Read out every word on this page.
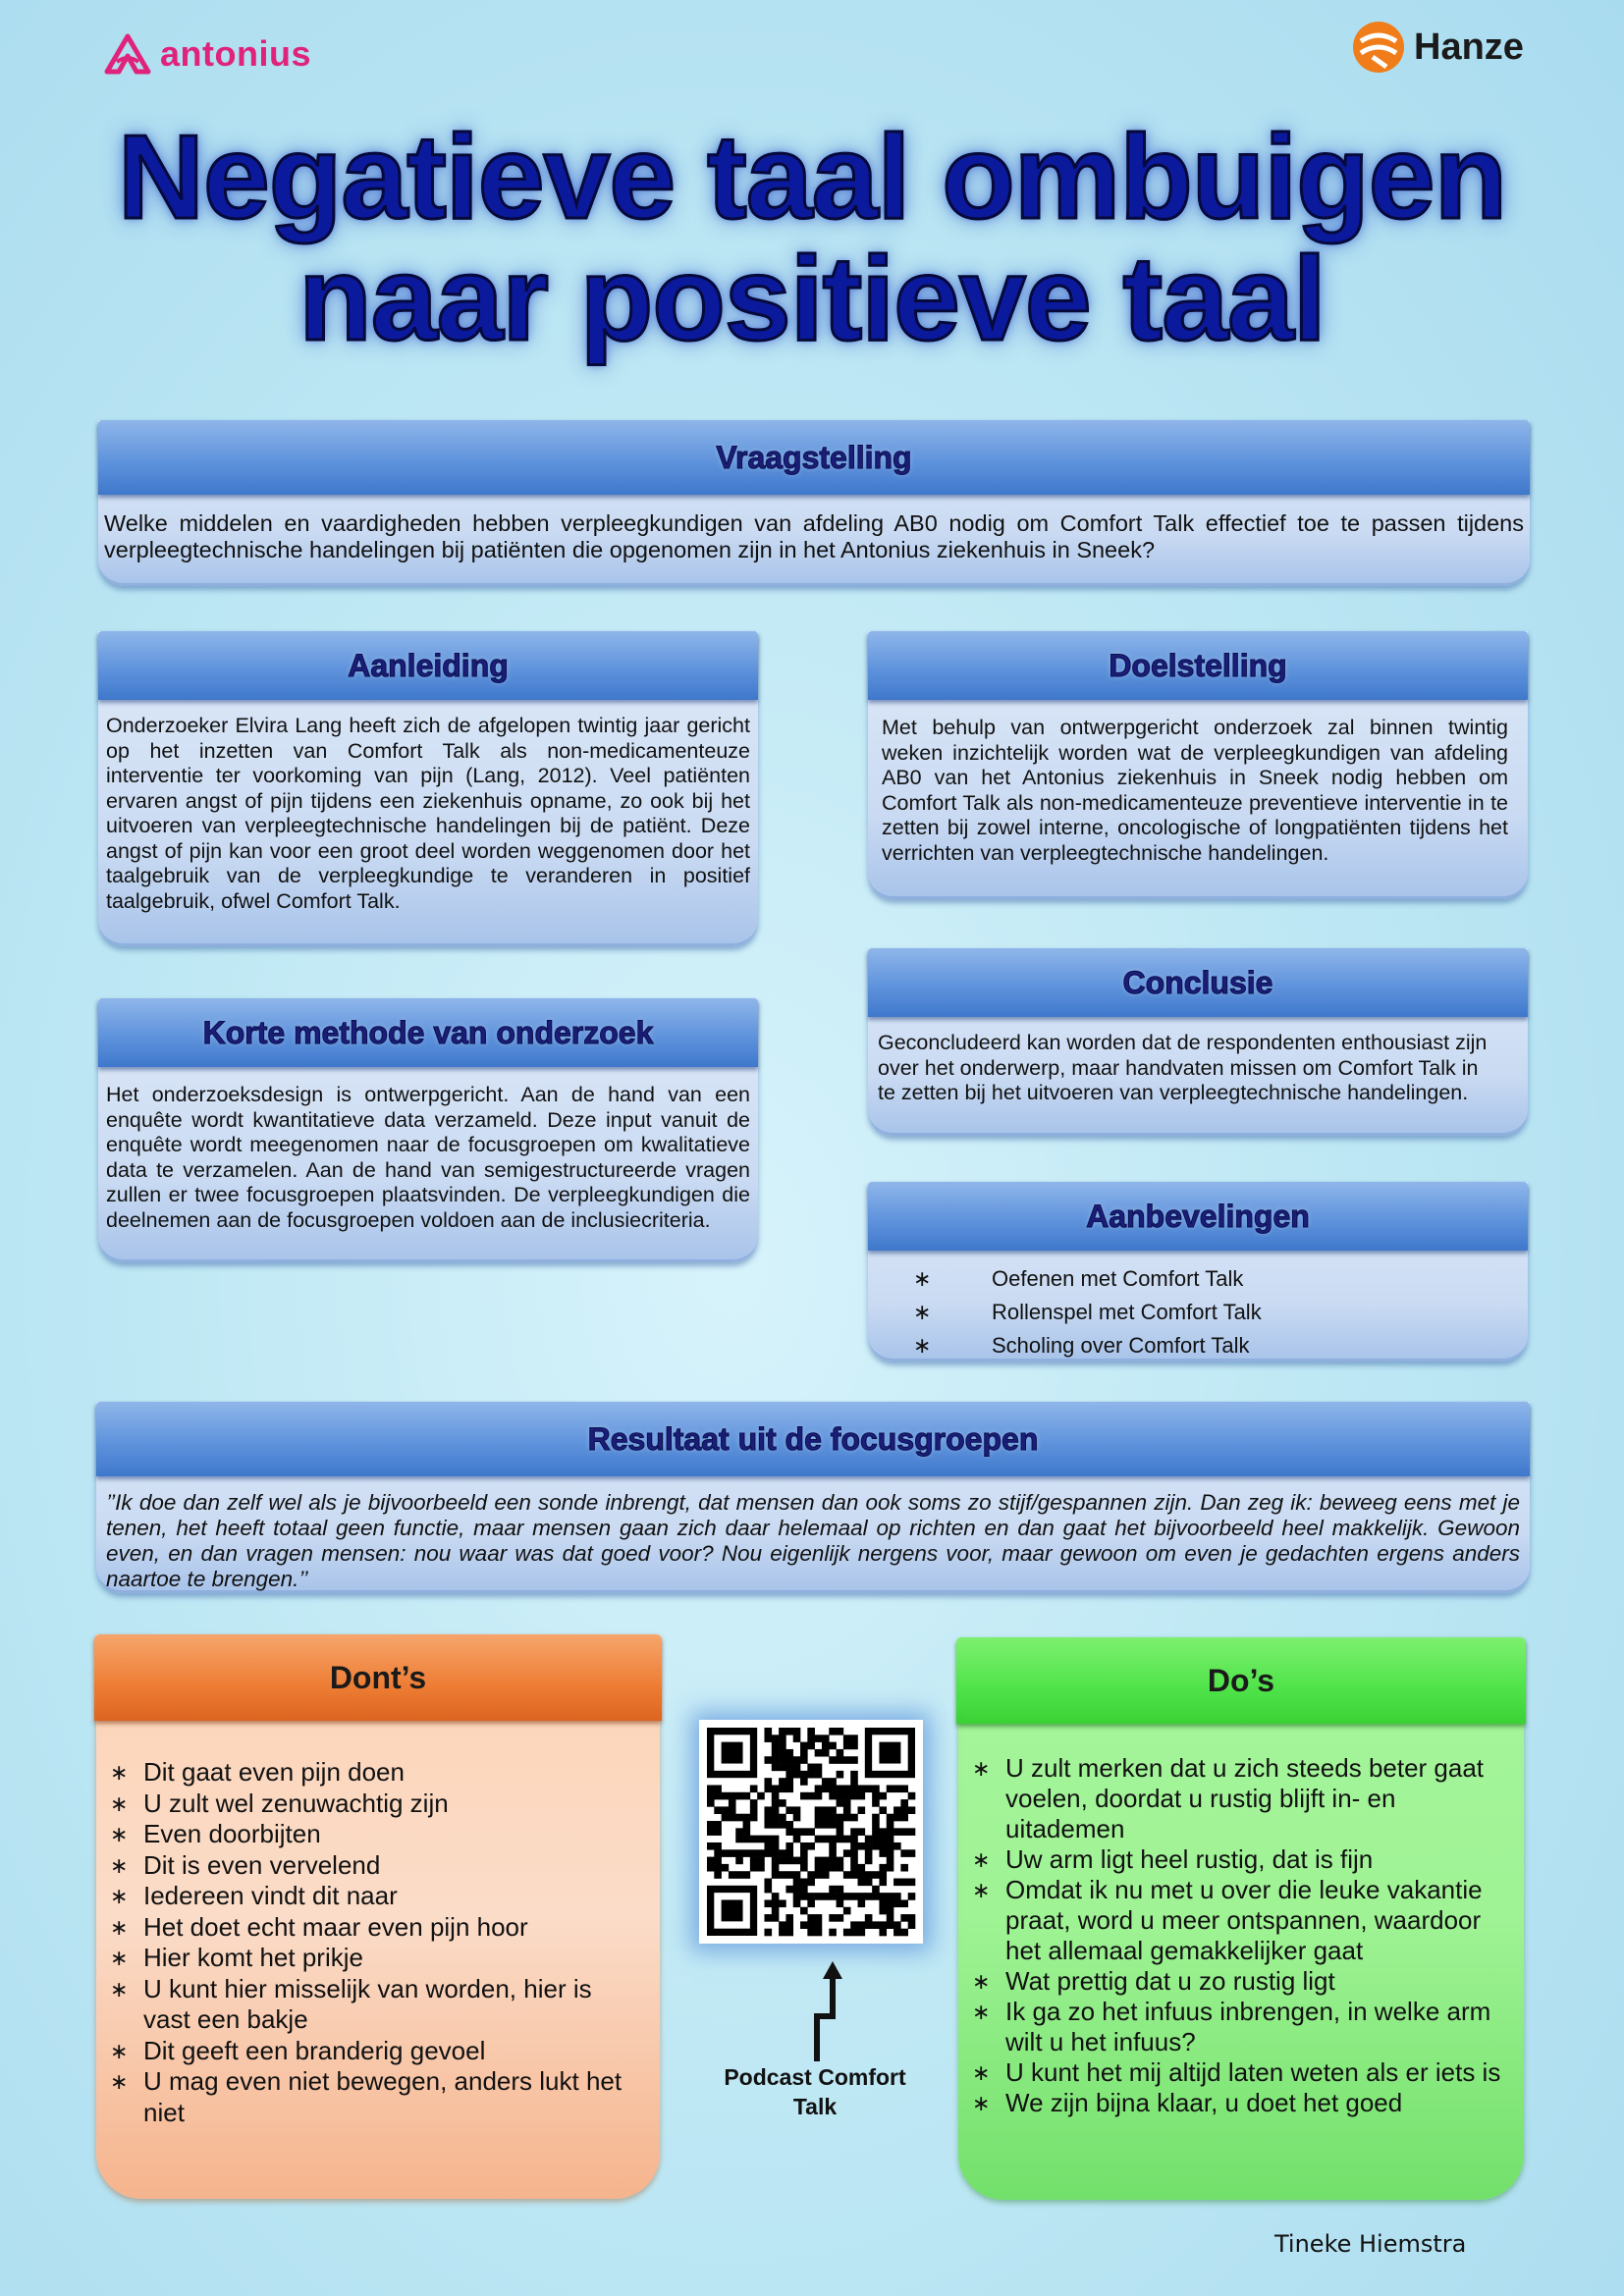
antonius	Hanze
Negatieve taal ombuigen
naar positieve taal
Vraagstelling
Welke middelen en vaardigheden hebben verpleegkundigen van afdeling AB0 nodig om Comfort Talk effectief toe te passen tijdens verpleegtechnische handelingen bij patiënten die opgenomen zijn in het Antonius ziekenhuis in Sneek?
Aanleiding
Onderzoeker Elvira Lang heeft zich de afgelopen twintig jaar gericht op het inzetten van Comfort Talk als non-medicamenteuze interventie ter voorkoming van pijn (Lang, 2012). Veel patiënten ervaren angst of pijn tijdens een ziekenhuis opname, zo ook bij het uitvoeren van verpleegtechnische handelingen bij de patiënt. Deze angst of pijn kan voor een groot deel worden weggenomen door het taalgebruik van de verpleegkundige te veranderen in positief taalgebruik, ofwel Comfort Talk.
Doelstelling
Met behulp van ontwerpgericht onderzoek zal binnen twintig weken inzichtelijk worden wat de verpleegkundigen van afdeling AB0 van het Antonius ziekenhuis in Sneek nodig hebben om Comfort Talk als non-medicamenteuze preventieve interventie in te zetten bij zowel interne, oncologische of longpatiënten tijdens het verrichten van verpleegtechnische handelingen.
Korte methode van onderzoek
Het onderzoeksdesign is ontwerpgericht. Aan de hand van een enquête wordt kwantitatieve data verzameld. Deze input vanuit de enquête wordt meegenomen naar de focusgroepen om kwalitatieve data te verzamelen. Aan de hand van semigestructureerde vragen zullen er twee focusgroepen plaatsvinden. De verpleegkundigen die deelnemen aan de focusgroepen voldoen aan de inclusiecriteria.
Conclusie
Geconcludeerd kan worden dat de respondenten enthousiast zijn over het onderwerp, maar handvaten missen om Comfort Talk in te zetten bij het uitvoeren van verpleegtechnische handelingen.
Aanbevelingen
∗	Oefenen met Comfort Talk
∗	Rollenspel met Comfort Talk
∗	Scholing over Comfort Talk
Resultaat uit de focusgroepen
’’Ik doe dan zelf wel als je bijvoorbeeld een sonde inbrengt, dat mensen dan ook soms zo stijf/gespannen zijn. Dan zeg ik: beweeg eens met je tenen, het heeft totaal geen functie, maar mensen gaan zich daar helemaal op richten en dan gaat het bijvoorbeeld heel makkelijk. Gewoon even, en dan vragen mensen: nou waar was dat goed voor? Nou eigenlijk nergens voor, maar gewoon om even je gedachten ergens anders naartoe te brengen.’’
Dont’s
∗ Dit gaat even pijn doen
∗ U zult wel zenuwachtig zijn
∗ Even doorbijten
∗ Dit is even vervelend
∗ Iedereen vindt dit naar
∗ Het doet echt maar even pijn hoor
∗ Hier komt het prikje
∗ U kunt hier misselijk van worden, hier is vast een bakje
∗ Dit geeft een branderig gevoel
∗ U mag even niet bewegen, anders lukt het niet
Do’s
∗ U zult merken dat u zich steeds beter gaat voelen, doordat u rustig blijft in- en uitademen
∗ Uw arm ligt heel rustig, dat is fijn
∗ Omdat ik nu met u over die leuke vakantie praat, word u meer ontspannen, waardoor het allemaal gemakkelijker gaat
∗ Wat prettig dat u zo rustig ligt
∗ Ik ga zo het infuus inbrengen, in welke arm wilt u het infuus?
∗ U kunt het mij altijd laten weten als er iets is
∗ We zijn bijna klaar, u doet het goed
Podcast Comfort
Talk
Tineke Hiemstra
